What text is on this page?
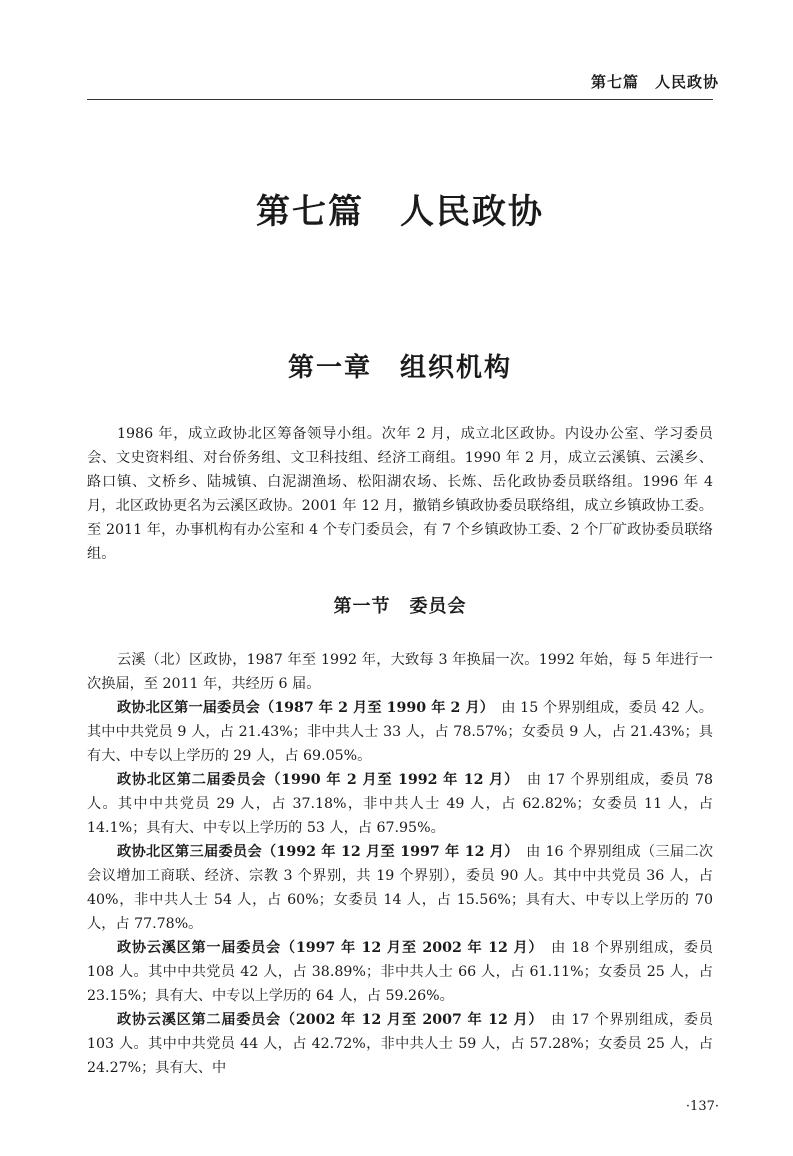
第七篇　人民政协
第七篇　人民政协
第一章　组织机构

1986 年，成立政协北区筹备领导小组。次年 2 月，成立北区政协。内设办公室、学习委员会、文史资料组、对台侨务组、文卫科技组、经济工商组。1990 年 2 月，成立云溪镇、云溪乡、路口镇、文桥乡、陆城镇、白泥湖渔场、松阳湖农场、长炼、岳化政协委员联络组。1996 年 4 月，北区政协更名为云溪区政协。2001 年 12 月，撤销乡镇政协委员联络组，成立乡镇政协工委。至 2011 年，办事机构有办公室和 4 个专门委员会，有 7 个乡镇政协工委、2 个厂矿政协委员联络组。

第一节　委员会

云溪（北）区政协，1987 年至 1992 年，大致每 3 年换届一次。1992 年始，每 5 年进行一次换届，至 2011 年，共经历 6 届。

政协北区第一届委员会（1987 年 2 月至 1990 年 2 月）　由 15 个界别组成，委员 42 人。其中中共党员 9 人，占 21.43%；非中共人士 33 人，占 78.57%；女委员 9 人，占 21.43%；具有大、中专以上学历的 29 人，占 69.05%。

政协北区第二届委员会（1990 年 2 月至 1992 年 12 月）　由 17 个界别组成，委员 78 人。其中中共党员 29 人，占 37.18%，非中共人士 49 人，占 62.82%；女委员 11 人，占 14.1%；具有大、中专以上学历的 53 人，占 67.95%。

政协北区第三届委员会（1992 年 12 月至 1997 年 12 月）　由 16 个界别组成（三届二次会议增加工商联、经济、宗教 3 个界别，共 19 个界别），委员 90 人。其中中共党员 36 人，占 40%，非中共人士 54 人，占 60%；女委员 14 人，占 15.56%；具有大、中专以上学历的 70 人，占 77.78%。

政协云溪区第一届委员会（1997 年 12 月至 2002 年 12 月）　由 18 个界别组成，委员 108 人。其中中共党员 42 人，占 38.89%；非中共人士 66 人，占 61.11%；女委员 25 人，占 23.15%；具有大、中专以上学历的 64 人，占 59.26%。

政协云溪区第二届委员会（2002 年 12 月至 2007 年 12 月）　由 17 个界别组成，委员 103 人。其中中共党员 44 人，占 42.72%，非中共人士 59 人，占 57.28%；女委员 25 人，占 24.27%；具有大、中

·137·
